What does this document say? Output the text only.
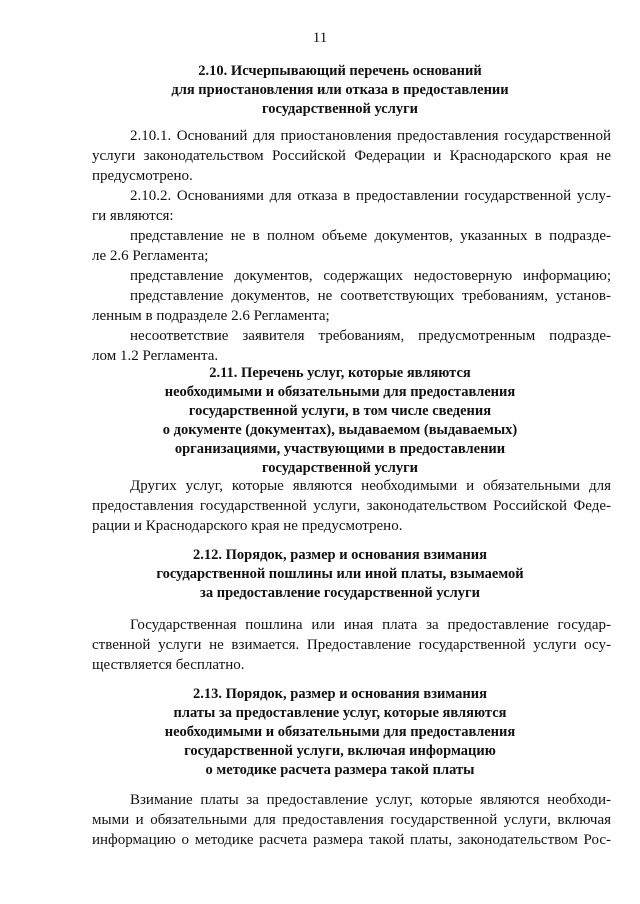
11
2.10. Исчерпывающий перечень оснований
для приостановления или отказа в предоставлении
государственной услуги
2.10.1. Оснований для приостановления предоставления государственной
услуги законодательством Российской Федерации и Краснодарского края не
предусмотрено.
2.10.2. Основаниями для отказа в предоставлении государственной услу-
ги являются:
представление не в полном объеме документов, указанных в подразде-
ле 2.6 Регламента;
представление документов, содержащих недостоверную информацию;
представление документов, не соответствующих требованиям, установ-
ленным в подразделе 2.6 Регламента;
несоответствие заявителя требованиям, предусмотренным подразде-
лом 1.2 Регламента.
2.11. Перечень услуг, которые являются
необходимыми и обязательными для предоставления
государственной услуги, в том числе сведения
о документе (документах), выдаваемом (выдаваемых)
организациями, участвующими в предоставлении
государственной услуги
Других услуг, которые являются необходимыми и обязательными для
предоставления государственной услуги, законодательством Российской Феде-
рации и Краснодарского края не предусмотрено.
2.12. Порядок, размер и основания взимания
государственной пошлины или иной платы, взымаемой
за предоставление государственной услуги
Государственная пошлина или иная плата за предоставление государ-
ственной услуги не взимается. Предоставление государственной услуги осу-
ществляется бесплатно.
2.13. Порядок, размер и основания взимания
платы за предоставление услуг, которые являются
необходимыми и обязательными для предоставления
государственной услуги, включая информацию
о методике расчета размера такой платы
Взимание платы за предоставление услуг, которые являются необходи-
мыми и обязательными для предоставления государственной услуги, включая
информацию о методике расчета размера такой платы, законодательством Рос-
